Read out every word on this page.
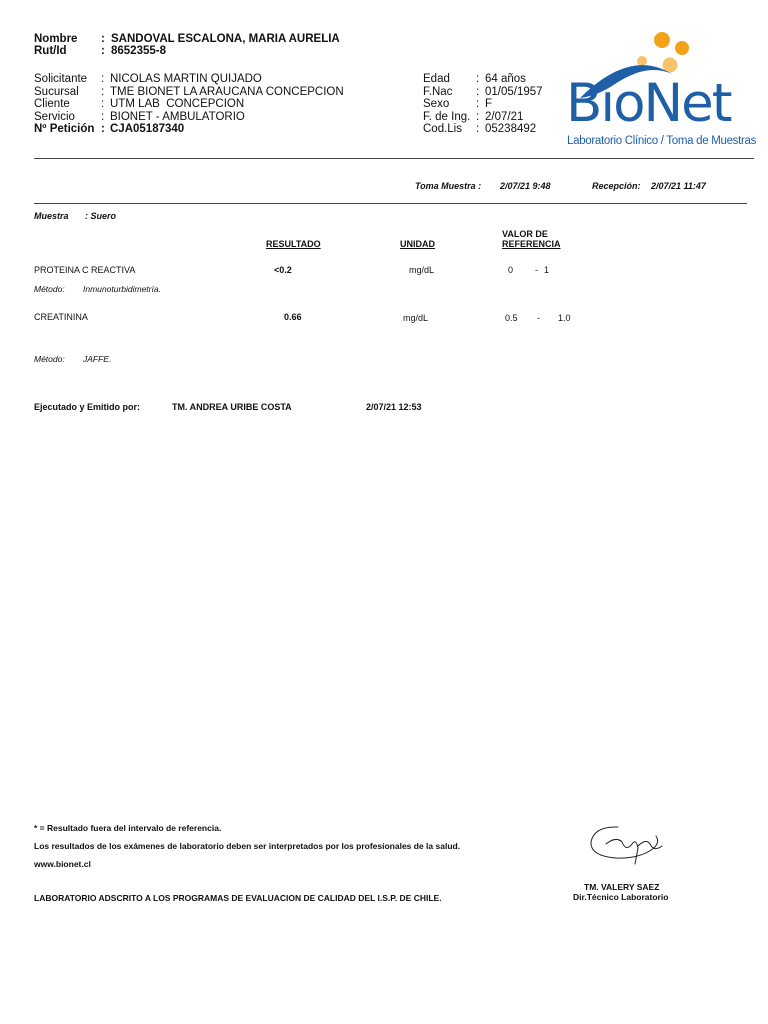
Nombre : SANDOVAL ESCALONA, MARIA AURELIA
Rut/Id	: 8652355-8
Solicitante : NICOLAS MARTIN QUIJADO
Sucursal : TME BIONET LA ARAUCANA CONCEPCION
Cliente	: UTM LAB  CONCEPCION
Servicio : BIONET - AMBULATORIO
Nº Petición : CJA05187340
Edad : 64 años
F.Nac : 01/05/1957
Sexo : F
F. de Ing. : 2/07/21
Cod.Lis : 05238492 BioNet
Laboratorio Clínico / Toma de Muestras
Toma Muestra : 2/07/21 9:48	Recepción: 2/07/21 11:47
Muestra : Suero
RESULTADO	UNIDAD
VALOR DE
REFERENCIA
PROTEINA C REACTIVA	<0.2	mg/dL	0 - 1
Método: Inmunoturbidimetría.
CREATININA	0.66	mg/dL	0.5 - 1.0
Método: JAFFE.
Ejecutado y Emitido por:	TM. ANDREA URIBE COSTA	2/07/21 12:53
* = Resultado fuera del intervalo de referencia.
Los resultados de los exámenes de laboratorio deben ser interpretados por los profesionales de la salud.
www.bionet.cl
LABORATORIO ADSCRITO A LOS PROGRAMAS DE EVALUACION DE CALIDAD DEL I.S.P. DE CHILE.
TM. VALERY SAEZ
Dir.Técnico Laboratorio
